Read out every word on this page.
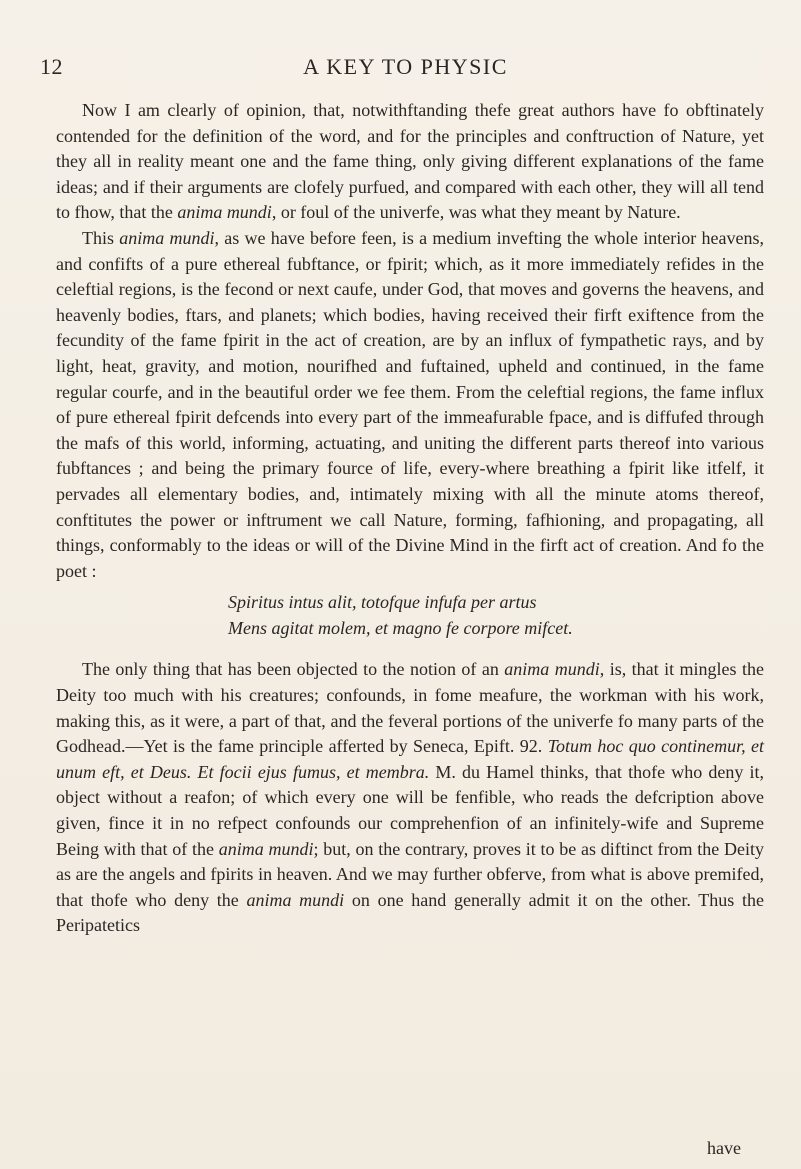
12	A KEY TO PHYSIC

Now I am clearly of opinion, that, notwithftanding thefe great authors have fo obftinately contended for the definition of the word, and for the principles and conftruction of Nature, yet they all in reality meant one and the fame thing, only giving different explanations of the fame ideas; and if their arguments are clofely purfued, and compared with each other, they will all tend to fhow, that the anima mundi, or foul of the univerfe, was what they meant by Nature.

This anima mundi, as we have before feen, is a medium invefting the whole interior heavens, and confifts of a pure ethereal fubftance, or fpirit; which, as it more immediately refides in the celeftial regions, is the fecond or next caufe, under God, that moves and governs the heavens, and heavenly bodies, ftars, and planets; which bodies, having received their firft exiftence from the fecundity of the fame fpirit in the act of creation, are by an influx of fympathetic rays, and by light, heat, gravity, and motion, nourifhed and fuftained, upheld and continued, in the fame regular courfe, and in the beautiful order we fee them. From the celeftial regions, the fame influx of pure ethereal fpirit defcends into every part of the immeafurable fpace, and is diffufed through the mafs of this world, informing, actuating, and uniting the different parts thereof into various fubftances ; and being the primary fource of life, every-where breathing a fpirit like itfelf, it pervades all elementary bodies, and, intimately mixing with all the minute atoms thereof, conftitutes the power or inftrument we call Nature, forming, fafhioning, and propagating, all things, conformably to the ideas or will of the Divine Mind in the firft act of creation. And fo the poet :

Spiritus intus alit, totofque infufa per artus
Mens agitat molem, et magno fe corpore mifcet.

The only thing that has been objected to the notion of an anima mundi, is, that it mingles the Deity too much with his creatures; confounds, in fome meafure, the workman with his work, making this, as it were, a part of that, and the feveral portions of the univerfe fo many parts of the Godhead.—Yet is the fame principle afferted by Seneca, Epift. 92. Totum hoc quo continemur, et unum eft, et Deus. Et focii ejus fumus, et membra. M. du Hamel thinks, that thofe who deny it, object without a reafon; of which every one will be fenfible, who reads the defcription above given, fince it in no refpect confounds our comprehenfion of an infinitely-wife and Supreme Being with that of the anima mundi; but, on the contrary, proves it to be as diftinct from the Deity as are the angels and fpirits in heaven. And we may further obferve, from what is above premifed, that thofe who deny the anima mundi on one hand generally admit it on the other. Thus the Peripatetics

have
